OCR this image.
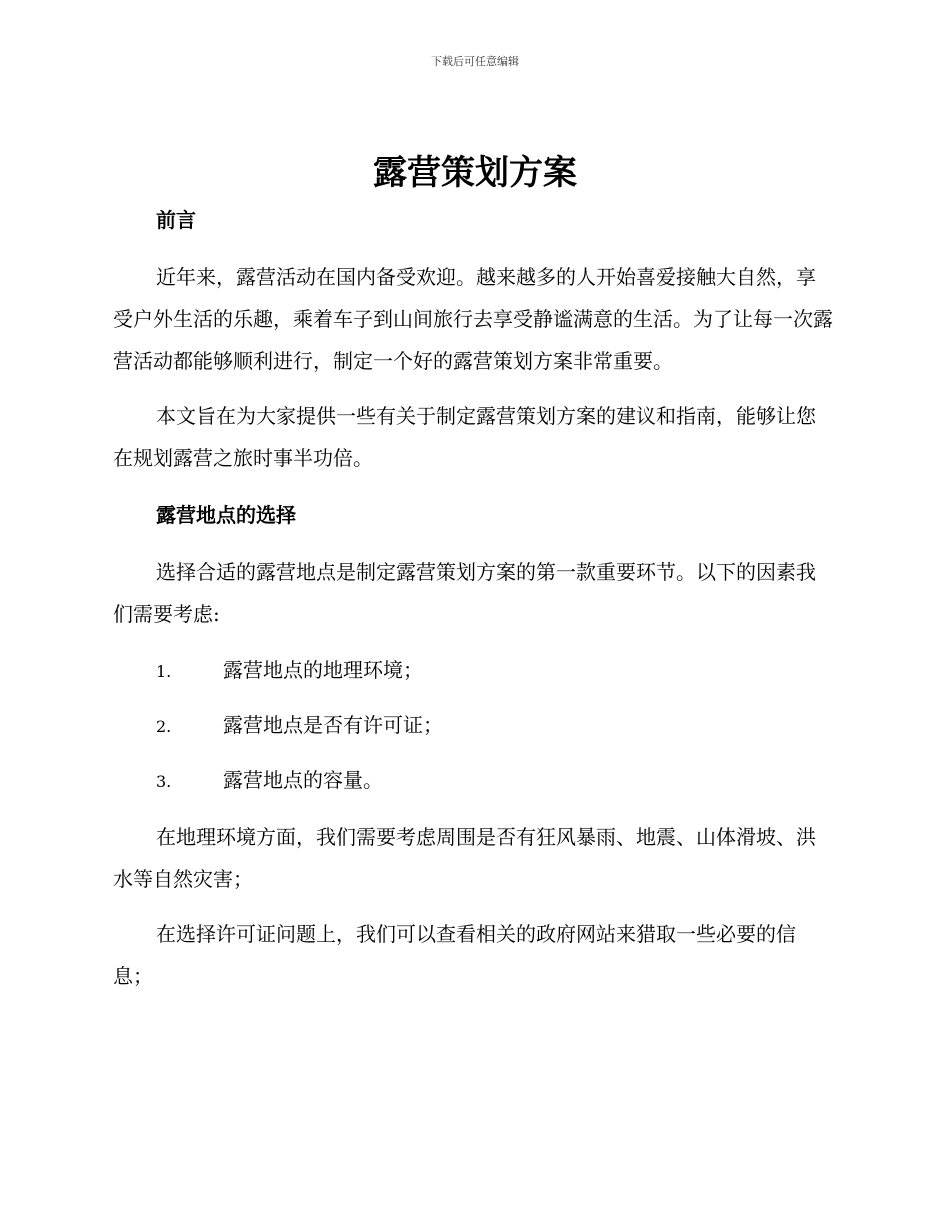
下载后可任意编辑
露营策划方案
前言

近年来，露营活动在国内备受欢迎。越来越多的人开始喜爱接触大自然，享受户外生活的乐趣，乘着车子到山间旅行去享受静谧满意的生活。为了让每一次露营活动都能够顺利进行，制定一个好的露营策划方案非常重要。

本文旨在为大家提供一些有关于制定露营策划方案的建议和指南，能够让您在规划露营之旅时事半功倍。

露营地点的选择

选择合适的露营地点是制定露营策划方案的第一款重要环节。以下的因素我们需要考虑:

1.	露营地点的地理环境；
2.	露营地点是否有许可证；
3.	露营地点的容量。

在地理环境方面，我们需要考虑周围是否有狂风暴雨、地震、山体滑坡、洪水等自然灾害；

在选择许可证问题上，我们可以查看相关的政府网站来猎取一些必要的信息；
